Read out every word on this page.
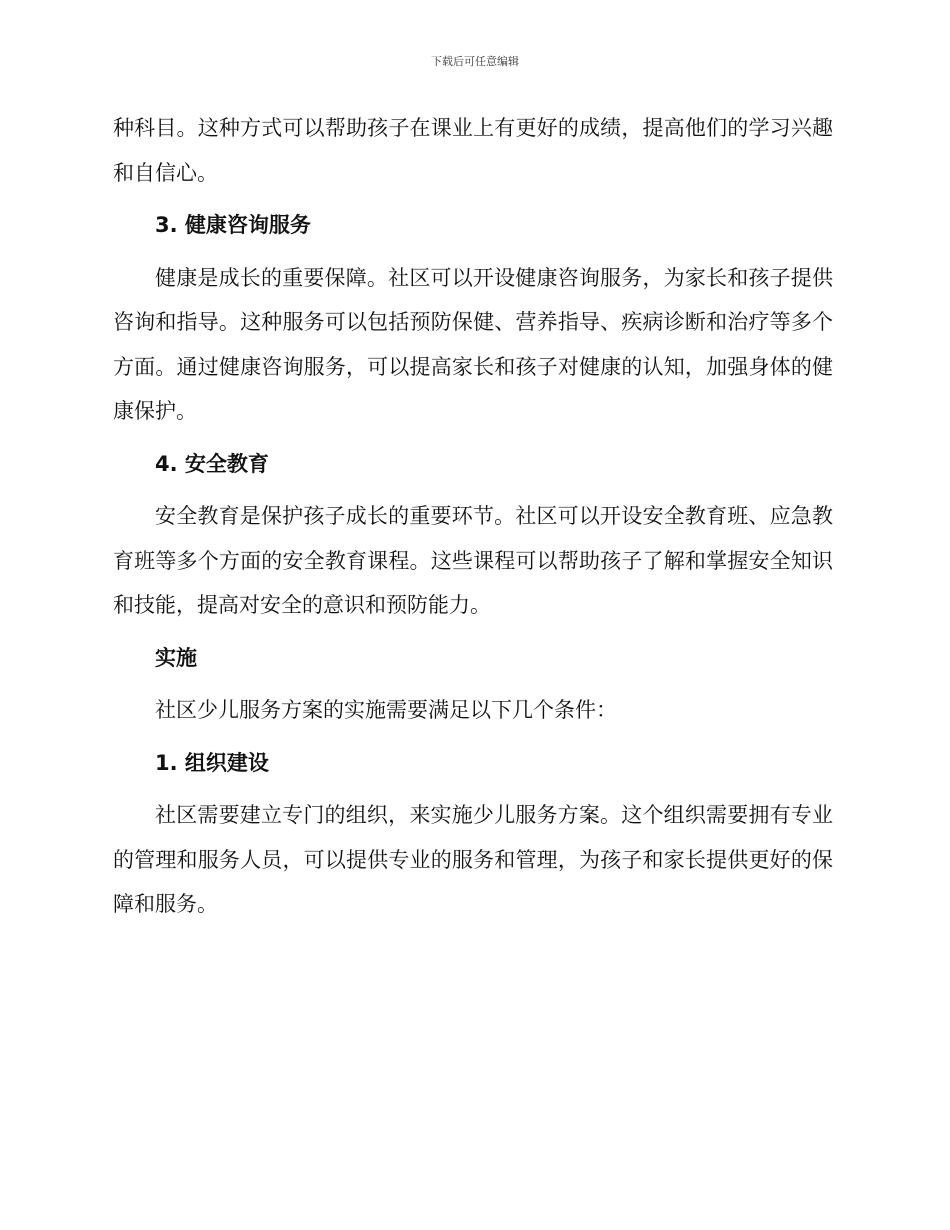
下载后可任意编辑

种科目。这种方式可以帮助孩子在课业上有更好的成绩，提高他们的学习兴趣和自信心。

3. 健康咨询服务

健康是成长的重要保障。社区可以开设健康咨询服务，为家长和孩子提供咨询和指导。这种服务可以包括预防保健、营养指导、疾病诊断和治疗等多个方面。通过健康咨询服务，可以提高家长和孩子对健康的认知，加强身体的健康保护。

4. 安全教育

安全教育是保护孩子成长的重要环节。社区可以开设安全教育班、应急教育班等多个方面的安全教育课程。这些课程可以帮助孩子了解和掌握安全知识和技能，提高对安全的意识和预防能力。

实施

社区少儿服务方案的实施需要满足以下几个条件：

1. 组织建设

社区需要建立专门的组织，来实施少儿服务方案。这个组织需要拥有专业的管理和服务人员，可以提供专业的服务和管理，为孩子和家长提供更好的保障和服务。
